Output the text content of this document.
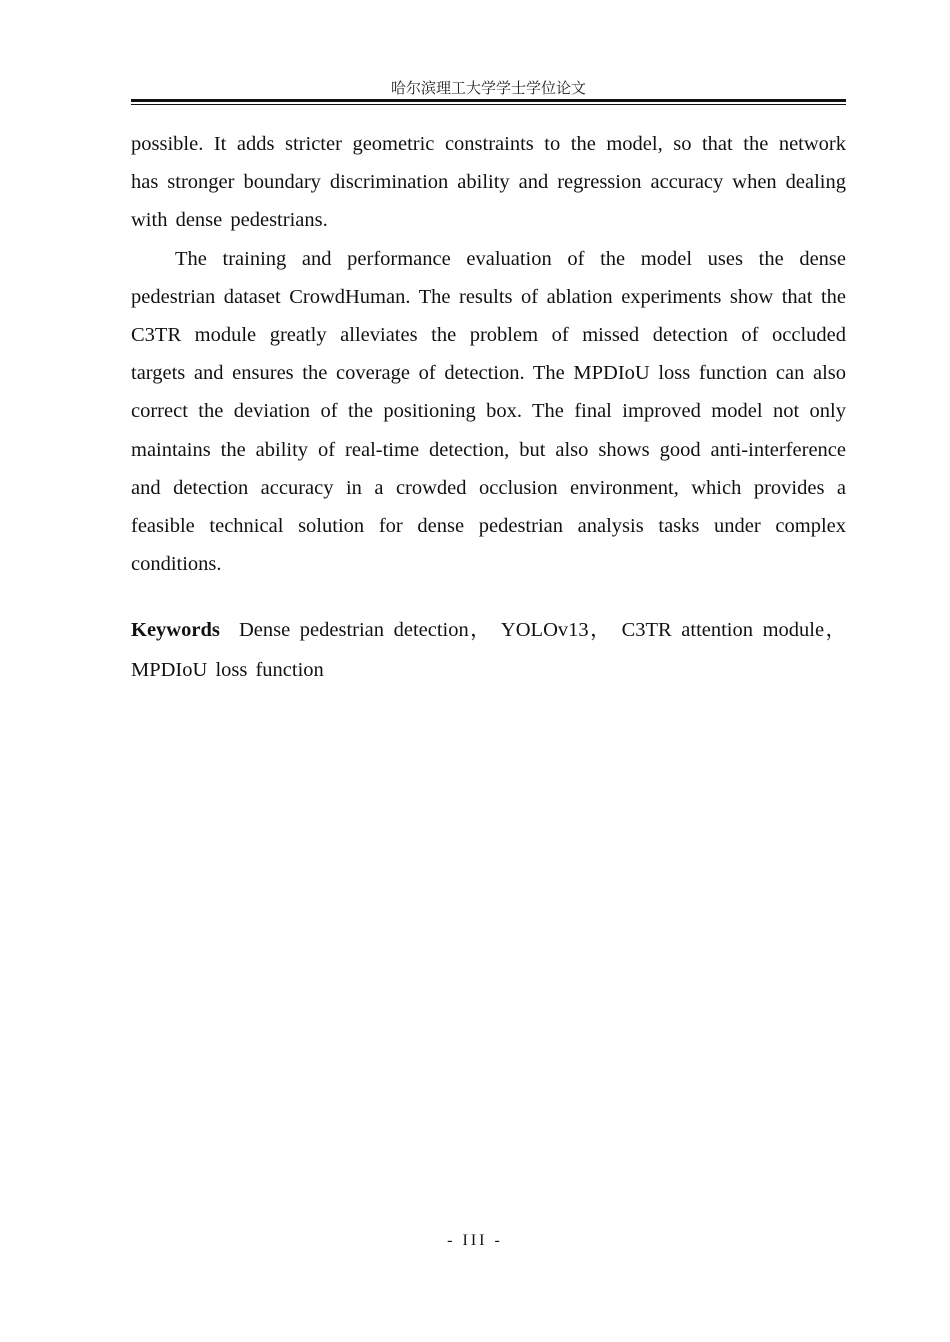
哈尔滨理工大学学士学位论文

possible. It adds stricter geometric constraints to the model, so that the network has stronger boundary discrimination ability and regression accuracy when dealing with dense pedestrians.

The training and performance evaluation of the model uses the dense pedestrian dataset CrowdHuman. The results of ablation experiments show that the C3TR module greatly alleviates the problem of missed detection of occluded targets and ensures the coverage of detection. The MPDIoU loss function can also correct the deviation of the positioning box. The final improved model not only maintains the ability of real-time detection, but also shows good anti-interference and detection accuracy in a crowded occlusion environment, which provides a feasible technical solution for dense pedestrian analysis tasks under complex conditions.

Keywords Dense pedestrian detection， YOLOv13， C3TR attention module，MPDIoU loss function
- III -
